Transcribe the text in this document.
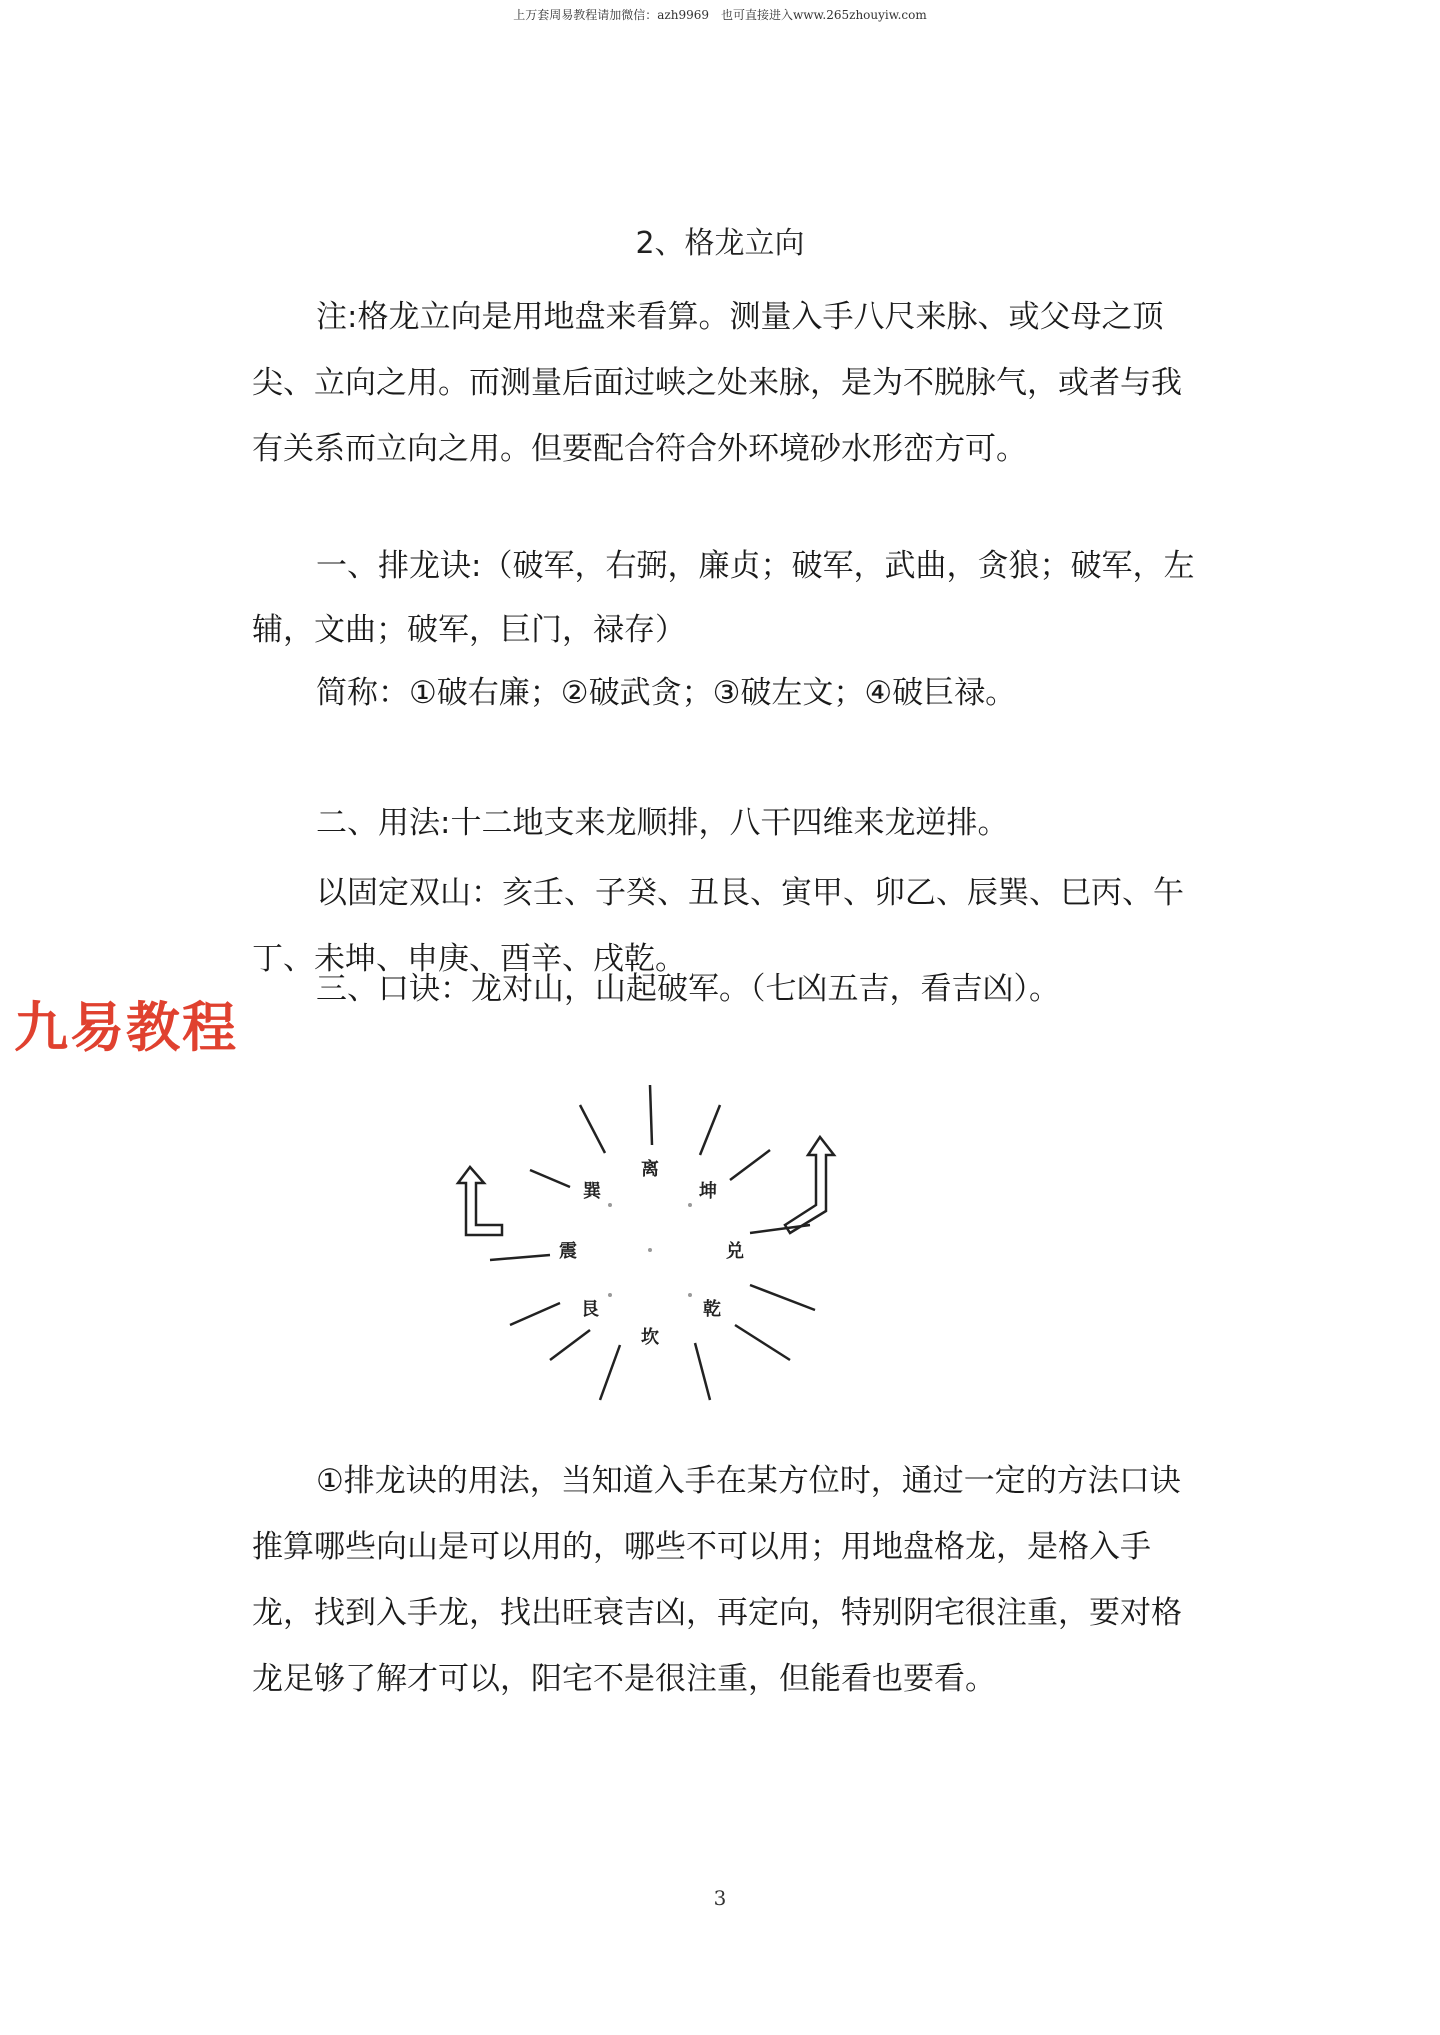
上万套周易教程请加微信：azh9969　也可直接进入www.265zhouyiw.com
2、格龙立向

注:格龙立向是用地盘来看算。测量入手八尺来脉、或父母之顶尖、立向之用。而测量后面过峡之处来脉，是为不脱脉气，或者与我有关系而立向之用。但要配合符合外环境砂水形峦方可。

一、排龙诀:（破军，右弼，廉贞；破军，武曲，贪狼；破军，左辅，文曲；破军，巨门，禄存）

简称：①破右廉；②破武贪；③破左文；④破巨禄。

二、用法:十二地支来龙顺排，八干四维来龙逆排。

以固定双山：亥壬、子癸、丑艮、寅甲、卯乙、辰巽、巳丙、午丁、未坤、申庚、酉辛、戌乾。

九易教程

三、口诀：龙对山，山起破军。（七凶五吉，看吉凶）。

离
坎
震	兑
艮	乾
巽	坤

①排龙诀的用法，当知道入手在某方位时，通过一定的方法口诀推算哪些向山是可以用的，哪些不可以用；用地盘格龙，是格入手龙，找到入手龙，找出旺衰吉凶，再定向，特别阴宅很注重，要对格龙足够了解才可以，阳宅不是很注重，但能看也要看。

3
